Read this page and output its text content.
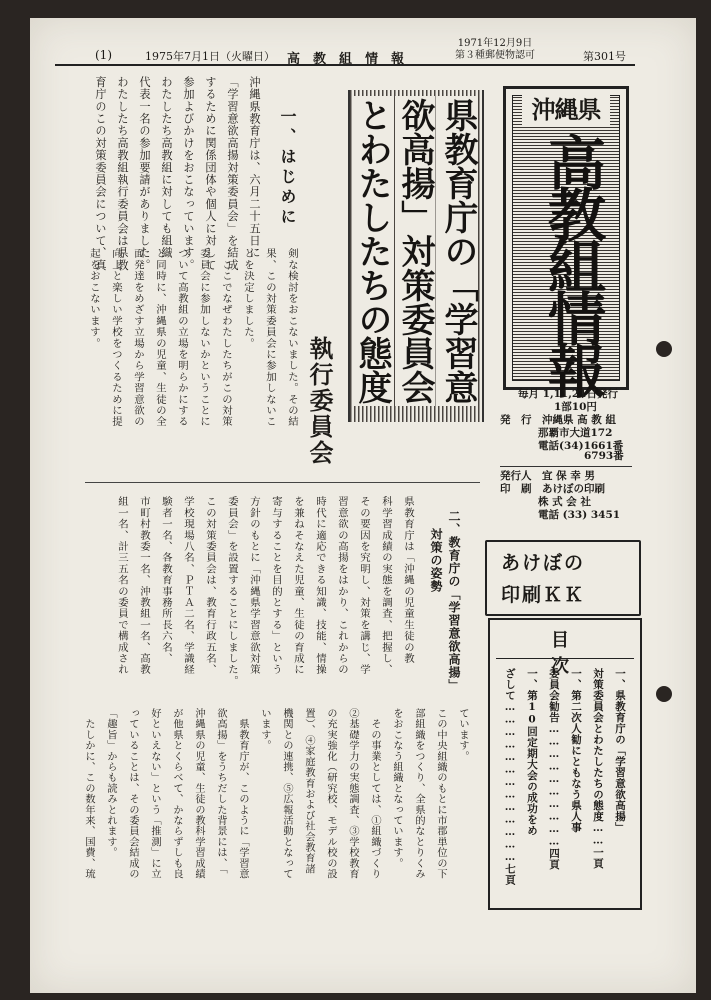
(1)	1975年7月1日（火曜日） 高　教　組　情　報
1971年12月9日
第３種郵便物認可	第301号
一、はじめに
沖縄県教育庁は、六月二十五日に
「学習意欲高揚対策委員会」を結成
するために関係団体や個人に対して
参加よびかけをおこなっています。
わたしたち高教組に対しても組織
代表一名の参加要請がありました。
わたしたち高教組執行委員会は県教
育庁のこの対策委員会について、真	県教育庁の「学習意
欲高揚」対策委員会
とわたしたちの態度
執行委員会
剣な検討をおこないました。その結
果、この対策委員会に参加しないこ
とを決定しました。
　ここでなぜわたしたちがこの対策
委員会に参加しないかということに
ついて高教組の立場を明らかにする
と同時に、沖縄県の児童、生徒の全
面発達をめざす立場から学習意欲の
向上と楽しい学校をつくるために提
起をおこないます。
二、教育庁の「学習意欲高揚」
対策の姿勢
県教育庁は「沖縄の児童生徒の教
科学習成績の実態を調査、把握し、
その要因を究明し、対策を講じ、学
習意欲の高揚をはかり、これからの
時代に適応できる知識、技能、情操
を兼ねそなえた児童、生徒の育成に
寄与することを目的とする」という
方針のもとに「沖縄県学習意欲対策
委員会」を設置することにしました。
この対策委員会は、教育行政五名、
学校現場八名、ＰＴＡ二名、学識経
験者一名、各教育事務所長六名、
市町村教委一名、沖教組一名、高教
組一名、計三五名の委員で構成され
ています。
この中央組織のもとに市郡単位の下
部組織をつくり、全県的なとりくみ
をおこなう組織となっています。
　その事業としては、①組織づくり
②基礎学力の実態調査、③学校教育
の充実強化（研究校、モデル校の設
置）、④家庭教育および社会教育諸
機関との連携、⑤広報活動となって
います。
　県教育庁が、このように「学習意
欲高揚」をうちだした背景には、「
沖縄県の児童、生徒の教科学習成績
が他県とくらべて、かならずしも良
好といえない」という「推測」に立
っていることは、その委員会結成の
「趣旨」からも読みとれます。
　たしかに、この数年来、国費、琉
沖縄県
高教組情報
毎月 1,11,21日発行
1部10円
発　行　 沖縄県 高 教 組
那覇市大道172
電話(34)1661番
6793番
発行人　 宜 保 幸 男
印　刷　 あけぼの印刷
株 式 会 社
電話 (33) 3451
あけぼの
印刷ＫＫ
目 次
一、県教育庁の「学習意欲高揚」
対策委員会とわたしたちの態度……一頁
一、第二次人勧にともなう県人事
委員会勧告…………………………四頁
一、第10回定期大会の成功をめ
ざして…………………………………七頁
